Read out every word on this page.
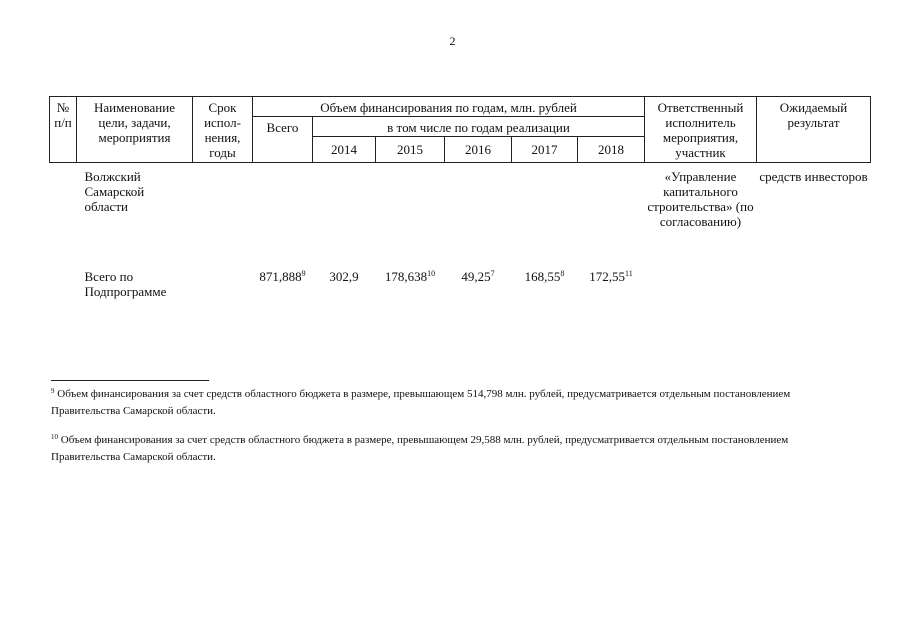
2
№ п/п	Наименование цели, задачи, мероприятия	Срок испол-нения, годы	Объем финансирования по годам, млн. рублей						Ответственный исполнитель мероприятия, участник	Ожидаемый результат
			Всего	в том числе по годам реализации						
				2014	2015	2016	2017	2018		
	Волжский Самарской области								«Управление капитального строительства» (по согласованию)	средств инвесторов
	Всего по Подпрограмме		871,888$^9$	302,9	178,638$^{10}$	49,25$^7$	168,55$^8$	172,55$^{11}$		
$^9$ Объем финансирования за счет средств областного бюджета в размере, превышающем 514,798 млн. рублей, предусматривается отдельным постановлением Правительства Самарской области.
$^{10}$ Объем финансирования за счет средств областного бюджета в размере, превышающем 29,588 млн. рублей, предусматривается отдельным постановлением Правительства Самарской области.
